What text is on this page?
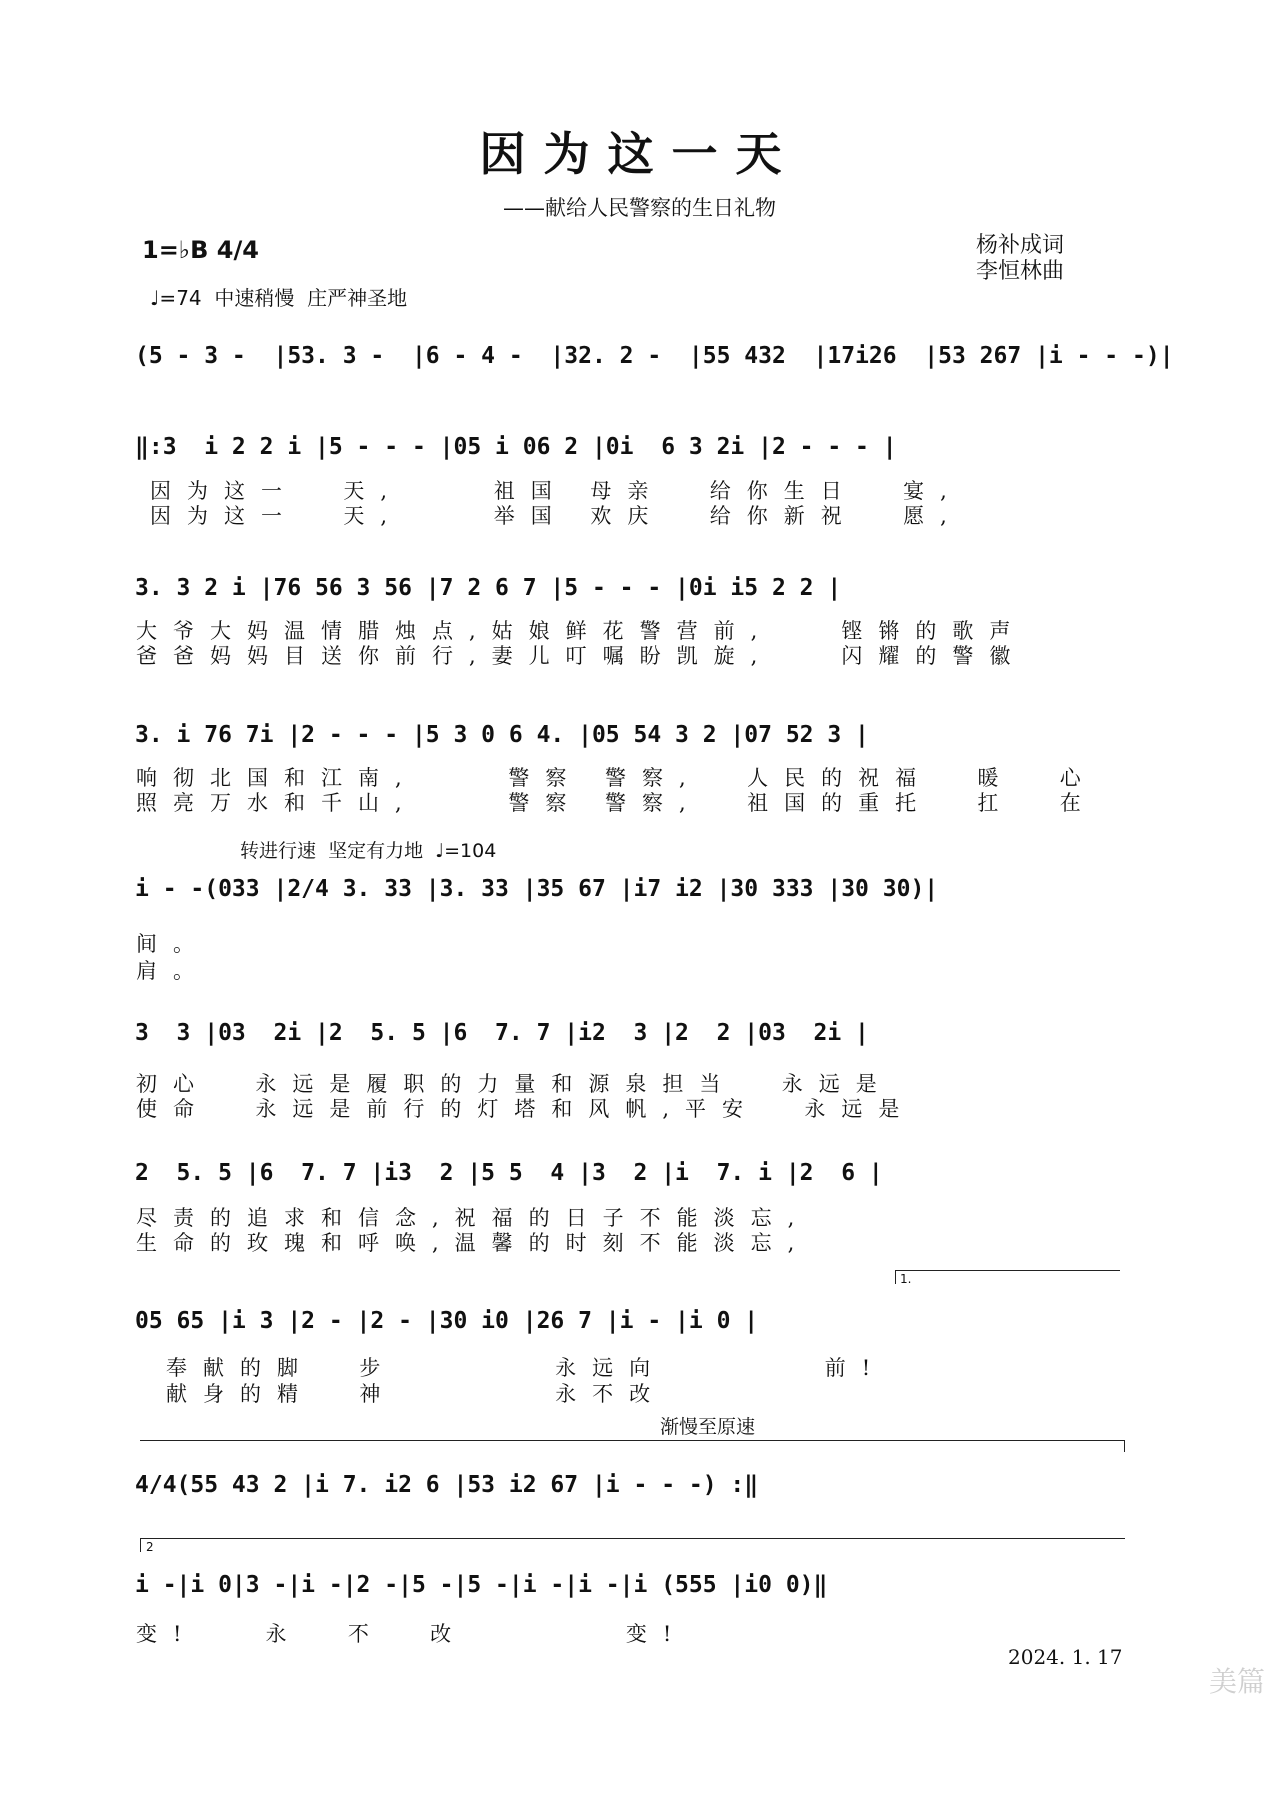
因为这一天
——献给人民警察的生日礼物
1=♭B 4/4
♩=74  中速稍慢  庄严神圣地
杨补成词
李恒林曲
(5 - 3 -  |53. 3 -  |6 - 4 -  |32. 2 -  |55 432  |17i26  |53 267 |i - - -)|
‖:3  i 2 2 i |5 - - - |05 i 06 2 |0i  6 3 2i |2 - - - |
因为这一  天,    祖国 母亲  给你生日  宴,
因为这一  天,    举国 欢庆  给你新祝  愿,
3. 3 2 i |76 56 3 56 |7 2 6 7 |5 - - - |0i i5 2 2 |
大爷大妈温情腊烛点,姑娘鲜花警营前,   铿锵的歌声
爸爸妈妈目送你前行,妻儿叮嘱盼凯旋,   闪耀的警徽
3. i 76 7i |2 - - - |5 3 0 6 4. |05 54 3 2 |07 52 3 |
响彻北国和江南,    警察 警察,  人民的祝福  暖  心
照亮万水和千山,    警察 警察,  祖国的重托  扛  在
转进行速  坚定有力地  ♩=104
i - -(033 |2/4 3. 33 |3. 33 |35 67 |i7 i2 |30 333 |30 30)|
间。
肩。
3  3 |03  2i |2  5. 5 |6  7. 7 |i2  3 |2  2 |03  2i |
初心  永远是履职的力量和源泉担当  永远是
使命  永远是前行的灯塔和风帆,平安  永远是
2  5. 5 |6  7. 7 |i3  2 |5 5  4 |3  2 |i  7. i |2  6 |
尽责的追求和信念,祝福的日子不能淡忘,
生命的玫瑰和呼唤,温馨的时刻不能淡忘,
1.
05 65 |i 3 |2 - |2 - |30 i0 |26 7 |i - |i 0 |
奉献的脚  步       永远向       前!
献身的精  神       永不改
渐慢至原速
4/4(55 43 2 |i 7. i2 6 |53 i2 67 |i - - -) :‖
2
i -|i 0|3 -|i -|2 -|5 -|5 -|i -|i -|i (555 |i0 0)‖
变!   永  不  改       变!
2024. 1. 17
美篇
